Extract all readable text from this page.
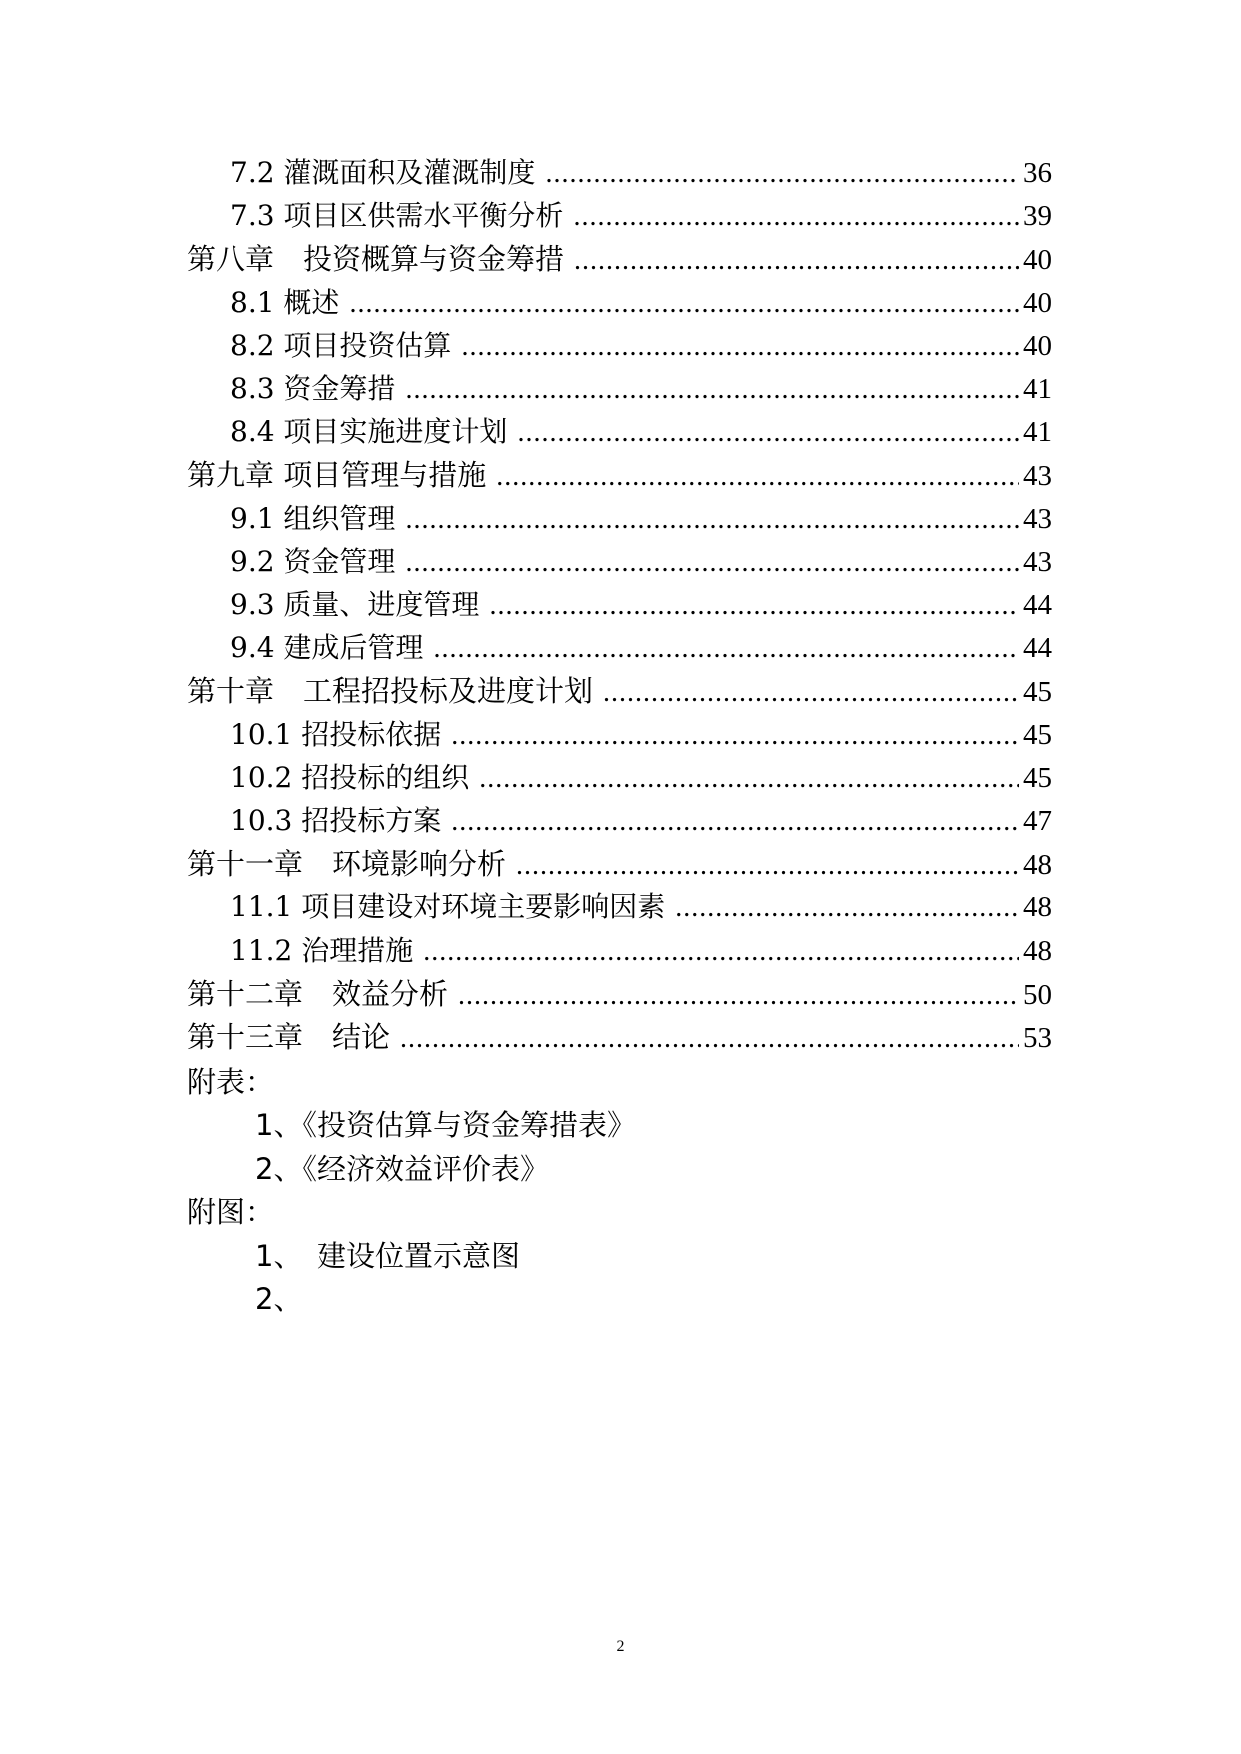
7.2 灌溉面积及灌溉制度 .....	36
7.3 项目区供需水平衡分析 .....	39
第八章　投资概算与资金筹措 .....	40
8.1 概述 .....	40
8.2 项目投资估算 .....	40
8.3 资金筹措 .....	41
8.4 项目实施进度计划 .....	41
第九章 项目管理与措施 .....	43
9.1 组织管理 .....	43
9.2 资金管理 .....	43
9.3 质量、进度管理 .....	44
9.4 建成后管理 .....	44
第十章　工程招投标及进度计划 .....	45
10.1 招投标依据 .....	45
10.2 招投标的组织 .....	45
10.3 招投标方案 .....	47
第十一章　环境影响分析 .....	48
11.1 项目建设对环境主要影响因素 .....	48
11.2 治理措施 .....	48
第十二章　效益分析 .....	50
第十三章　结论 .....	53
附表：
1、《投资估算与资金筹措表》
2、《经济效益评价表》
附图：
1、　建设位置示意图
2、
2
